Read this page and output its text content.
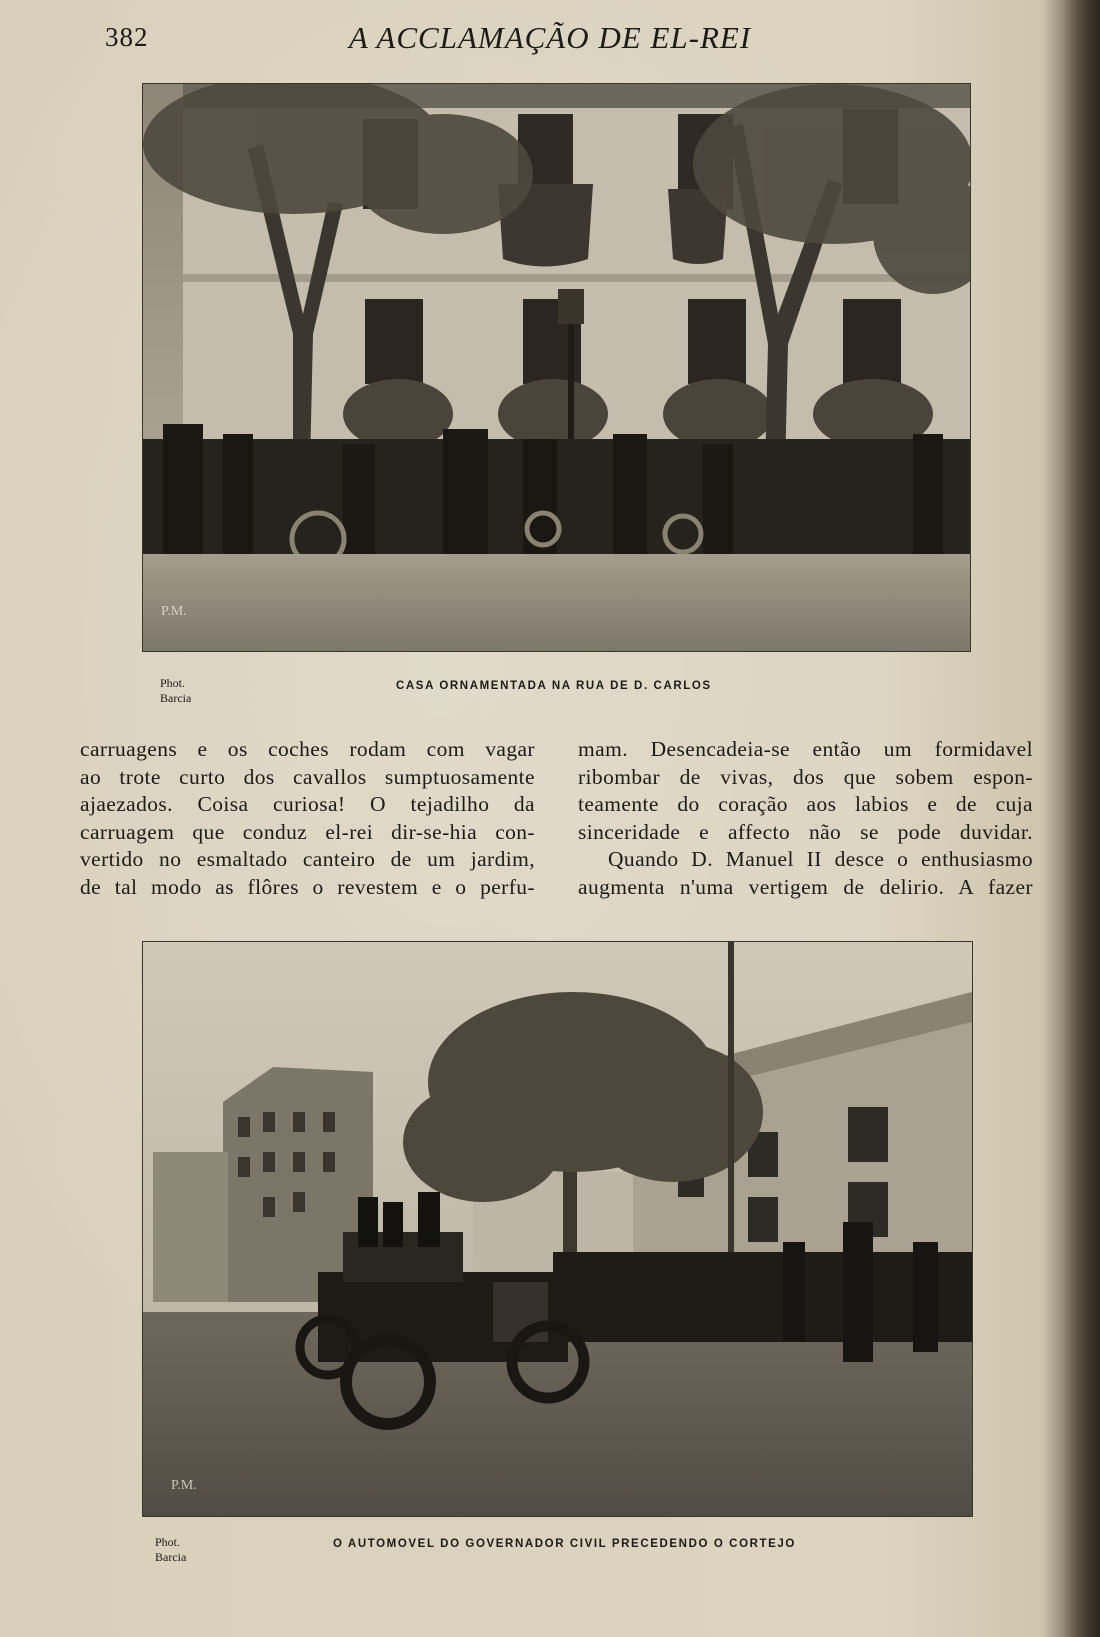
382	A ACCLAMAÇÃO DE EL-REI
P.M.
Phot. Barcia
CASA ORNAMENTADA NA RUA DE D. CARLOS
carruagens e os coches rodam com vagar
ao trote curto dos cavallos sumptuosamente
ajaezados. Coisa curiosa! O tejadilho da
carruagem que conduz el-rei dir-se-hia con-
vertido no esmaltado canteiro de um jardim,
de tal modo as flôres o revestem e o perfu-
mam. Desencadeia-se então um formidavel
ribombar de vivas, dos que sobem espon-
teamente do coração aos labios e de cuja
sinceridade e affecto não se pode duvidar.
Quando D. Manuel II desce o enthusiasmo
augmenta n'uma vertigem de delirio. A fazer
P.M.
Phot. Barcia
O AUTOMOVEL DO GOVERNADOR CIVIL PRECEDENDO O CORTEJO
